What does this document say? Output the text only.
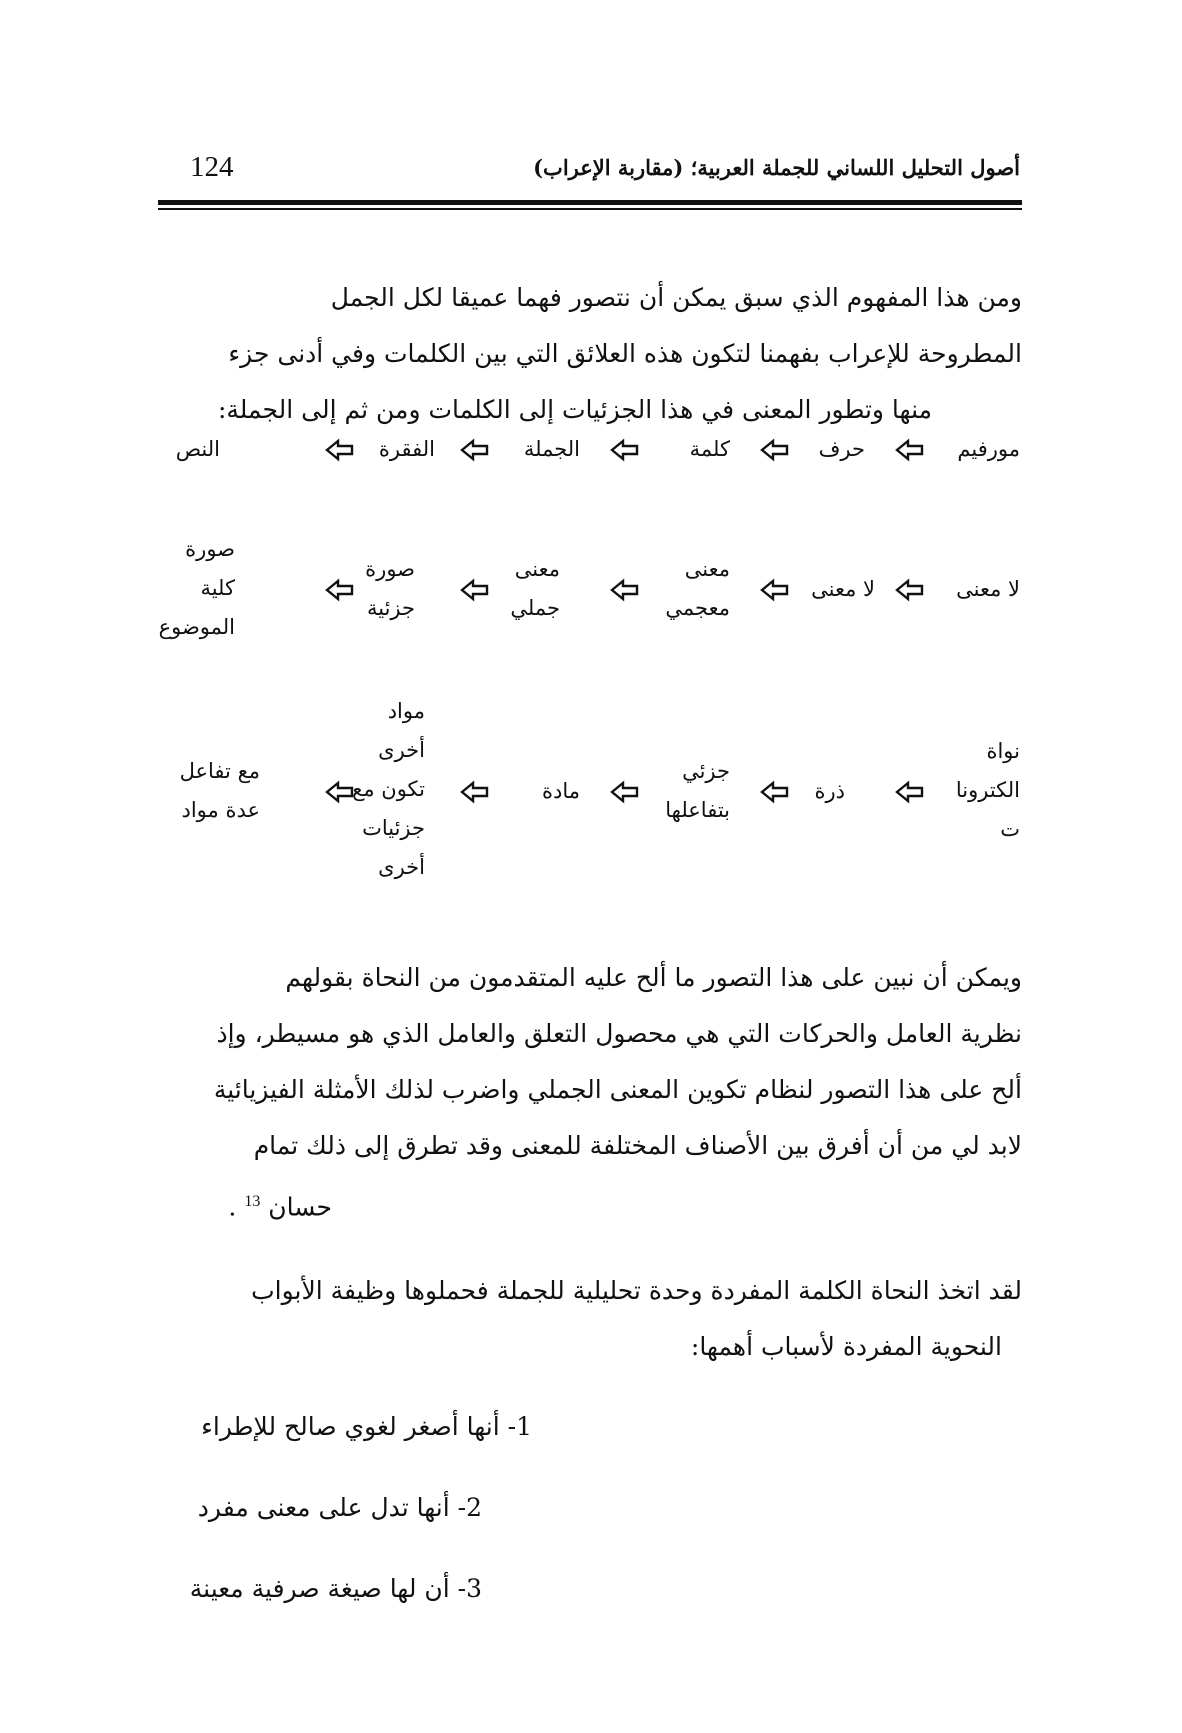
أصول التحليل اللساني للجملة العربية؛ (مقاربة الإعراب)
124
ومن هذا المفهوم الذي سبق يمكن أن نتصور فهما عميقا لكل الجمل
المطروحة للإعراب بفهمنا لتكون هذه العلائق التي بين الكلمات وفي أدنى جزء
منها وتطور المعنى في هذا الجزئيات إلى الكلمات ومن ثم إلى الجملة:
مورفيم
حرف
كلمة
الجملة
الفقرة
النص
لا معنى
لا معنى
معنى
معجمي
معنى
جملي
صورة
جزئية
صورة
كلية
الموضوع
نواة
الكترونا
ت
ذرة
جزئي
بتفاعلها
مادة
مواد
أخرى
تكون مع
جزئيات
أخرى
مع تفاعل
عدة مواد
ويمكن أن نبين على هذا التصور ما ألح عليه المتقدمون من النحاة بقولهم
نظرية العامل والحركات التي هي محصول التعلق والعامل الذي هو مسيطر، وإذ
ألح على هذا التصور لنظام تكوين المعنى الجملي واضرب لذلك الأمثلة الفيزيائية
لابد لي من أن أفرق بين الأصناف المختلفة للمعنى وقد تطرق إلى ذلك تمام
حسان $^{13}$ .
لقد اتخذ النحاة الكلمة المفردة وحدة تحليلية للجملة فحملوها وظيفة الأبواب
النحوية المفردة لأسباب أهمها:
1- أنها أصغر لغوي صالح للإطراء
2- أنها تدل على معنى مفرد
3- أن لها صيغة صرفية معينة
